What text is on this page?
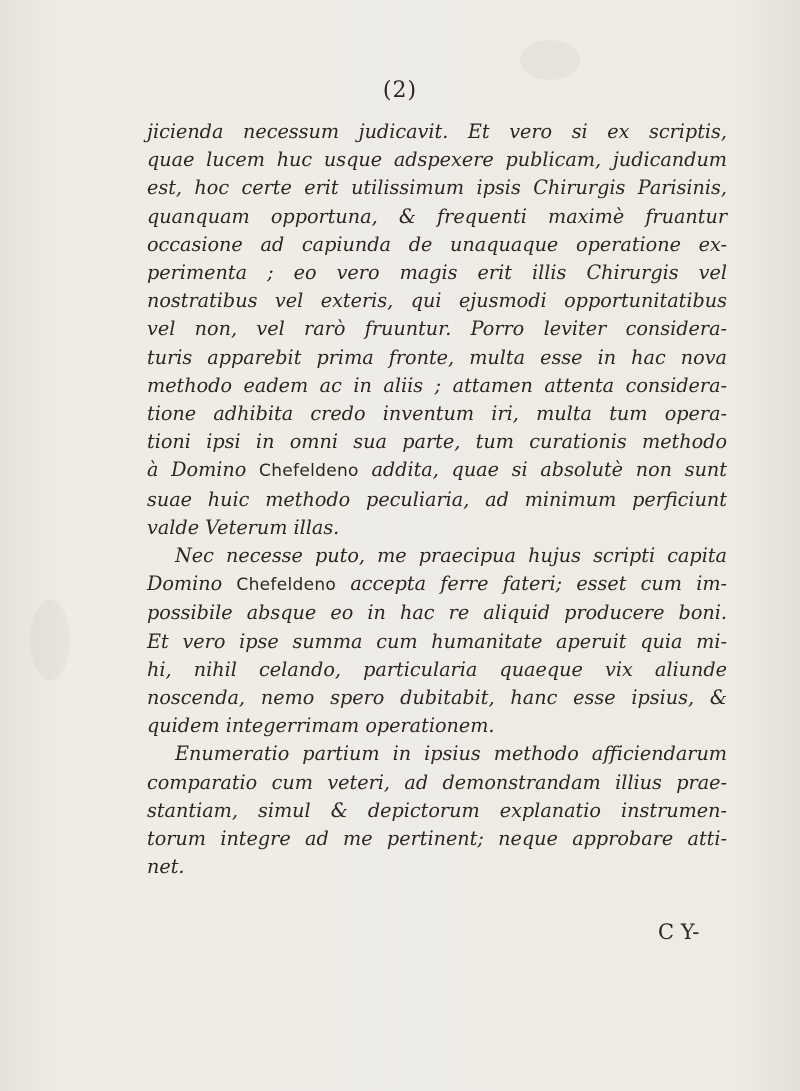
(2)
jicienda necessum judicavit. Et vero si ex scriptis,
quae lucem huc usque adspexere publicam, judicandum
est, hoc certe erit utilissimum ipsis Chirurgis Parisinis,
quanquam opportuna, & frequenti maximè fruantur
occasione ad capiunda de unaquaque operatione ex-
perimenta ; eo vero magis erit illis Chirurgis vel
nostratibus vel exteris, qui ejusmodi opportunitatibus
vel non, vel rarò fruuntur. Porro leviter considera-
turis apparebit prima fronte, multa esse in hac nova
methodo eadem ac in aliis ; attamen attenta considera-
tione adhibita credo inventum iri, multa tum opera-
tioni ipsi in omni sua parte, tum curationis methodo
à Domino Chefeldeno addita, quae si absolutè non sunt
suae huic methodo peculiaria, ad minimum perficiunt
valde Veterum illas.
Nec necesse puto, me praecipua hujus scripti capita
Domino Chefeldeno accepta ferre fateri; esset cum im-
possibile absque eo in hac re aliquid producere boni.
Et vero ipse summa cum humanitate aperuit quia mi-
hi, nihil celando, particularia quaeque vix aliunde
noscenda, nemo spero dubitabit, hanc esse ipsius, &
quidem integerrimam operationem.
Enumeratio partium in ipsius methodo afficiendarum
comparatio cum veteri, ad demonstrandam illius prae-
stantiam, simul & depictorum explanatio instrumen-
torum integre ad me pertinent; neque approbare atti-
net.
C Y-
